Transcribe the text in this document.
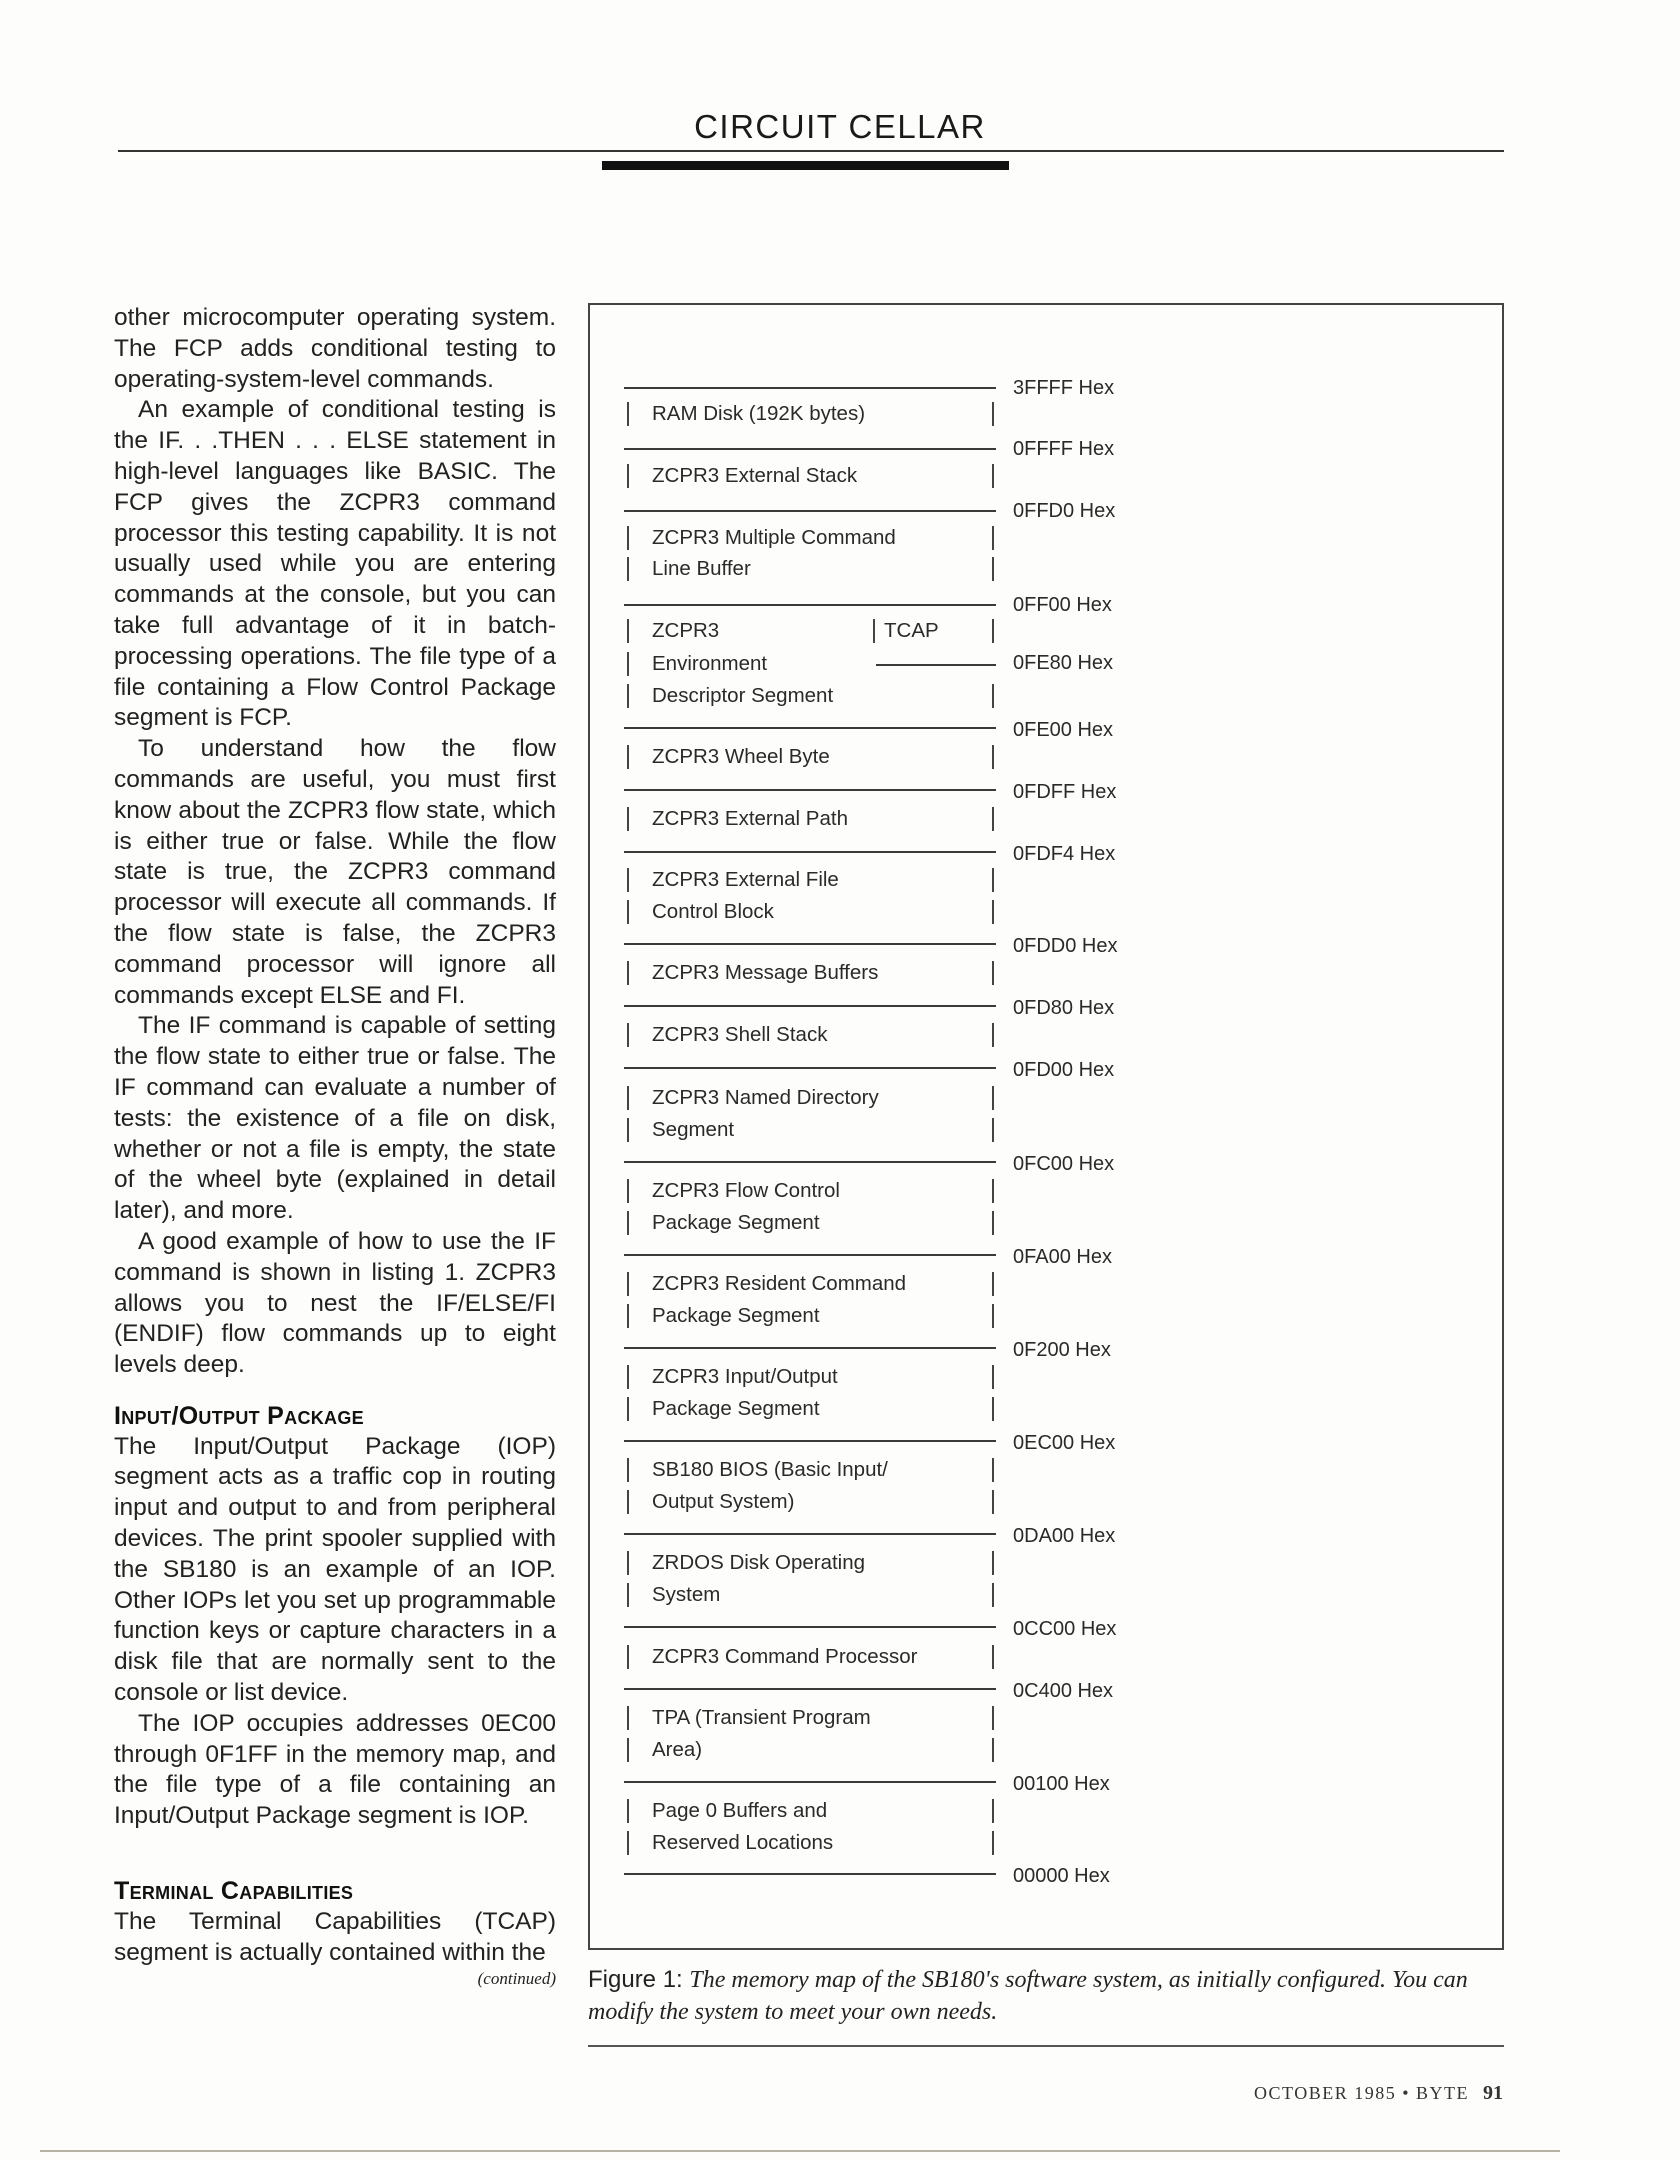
CIRCUIT CELLAR

other microcomputer operating system. The FCP adds conditional testing to operating-system-level commands.

An example of conditional testing is the IF. . .THEN . . . ELSE statement in high-level languages like BASIC. The FCP gives the ZCPR3 command processor this testing capability. It is not usually used while you are entering commands at the console, but you can take full advantage of it in batch-processing operations. The file type of a file containing a Flow Control Package segment is FCP.

To understand how the flow commands are useful, you must first know about the ZCPR3 flow state, which is either true or false. While the flow state is true, the ZCPR3 command processor will execute all commands. If the flow state is false, the ZCPR3 command processor will ignore all commands except ELSE and FI.

The IF command is capable of setting the flow state to either true or false. The IF command can evaluate a number of tests: the existence of a file on disk, whether or not a file is empty, the state of the wheel byte (explained in detail later), and more.

A good example of how to use the IF command is shown in listing 1. ZCPR3 allows you to nest the IF/ELSE/FI (ENDIF) flow commands up to eight levels deep.

Input/Output Package

The Input/Output Package (IOP) segment acts as a traffic cop in routing input and output to and from peripheral devices. The print spooler supplied with the SB180 is an example of an IOP. Other IOPs let you set up programmable function keys or capture characters in a disk file that are normally sent to the console or list device.

The IOP occupies addresses 0EC00 through 0F1FF in the memory map, and the file type of a file containing an Input/Output Package segment is IOP.

Terminal Capabilities

The Terminal Capabilities (TCAP) segment is actually contained within the

(continued)
3FFFF Hex
0FFFF Hex
0FFD0 Hex
0FF00 Hex
0FE80 Hex
0FE00 Hex
0FDFF Hex
0FDF4 Hex
0FDD0 Hex
0FD80 Hex
0FD00 Hex
0FC00 Hex
0FA00 Hex
0F200 Hex
0EC00 Hex
0DA00 Hex
0CC00 Hex
0C400 Hex
00100 Hex
00000 Hex
RAM Disk (192K bytes)
ZCPR3 External Stack
ZCPR3 Multiple Command
Line Buffer
ZCPR3	TCAP
Environment
Descriptor Segment
ZCPR3 Wheel Byte
ZCPR3 External Path
ZCPR3 External File
Control Block
ZCPR3 Message Buffers
ZCPR3 Shell Stack
ZCPR3 Named Directory
Segment
ZCPR3 Flow Control
Package Segment
ZCPR3 Resident Command
Package Segment
ZCPR3 Input/Output
Package Segment
SB180 BIOS (Basic Input/
Output System)
ZRDOS Disk Operating
System
ZCPR3 Command Processor
TPA (Transient Program
Area)
Page 0 Buffers and
Reserved Locations
Figure 1: The memory map of the SB180's software system, as initially configured. You can modify the system to meet your own needs.
OCTOBER 1985 • BYTE 91
